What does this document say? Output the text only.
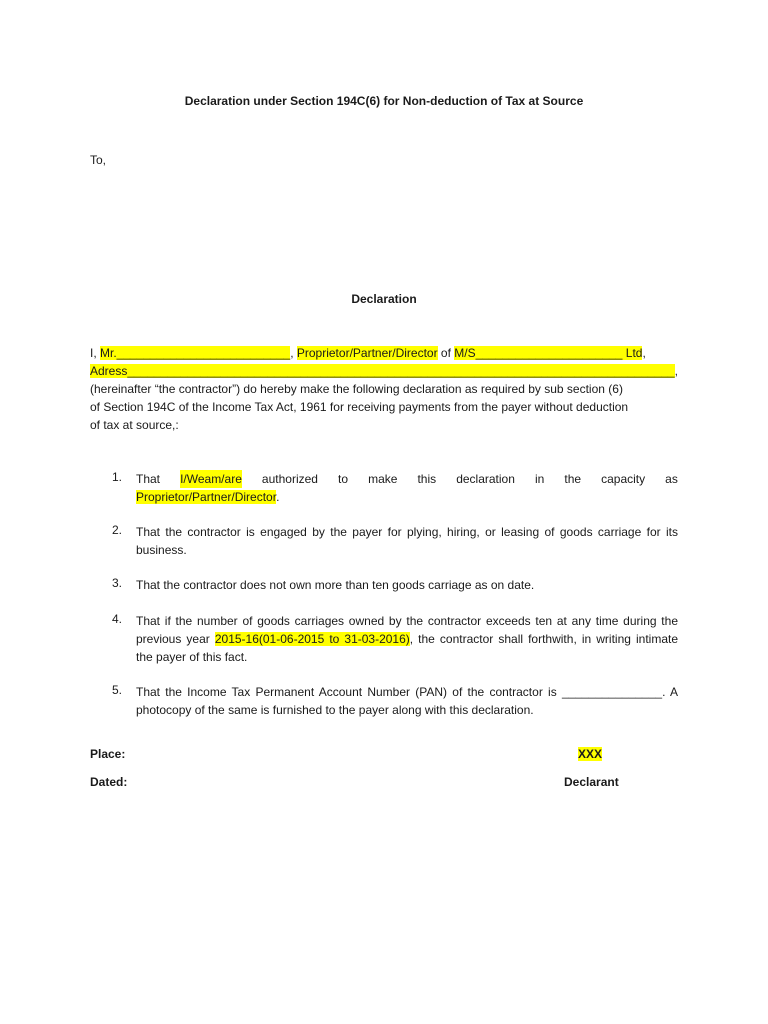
Declaration under Section 194C(6) for Non-deduction of Tax at Source
To,
Declaration
I, Mr.__________________________, Proprietor/Partner/Director of M/S______________________ Ltd,
Adress__________________________________________________________________________________,
(hereinafter “the contractor”) do hereby make the following declaration as required by sub section (6)
of Section 194C of the Income Tax Act, 1961 for receiving payments from the payer without deduction
of tax at source,:
1. That I/Weam/are authorized to make this declaration in the capacity as
Proprietor/Partner/Director.
2. That the contractor is engaged by the payer for plying, hiring, or leasing of goods carriage for its business.
3. That the contractor does not own more than ten goods carriage as on date.
4. That if the number of goods carriages owned by the contractor exceeds ten at any time during the previous year 2015-16(01-06-2015 to 31-03-2016), the contractor shall forthwith, in writing intimate the payer of this fact.
5. That the Income Tax Permanent Account Number (PAN) of the contractor is _______________. A photocopy of the same is furnished to the payer along with this declaration.
Place:
Dated:
XXX
Declarant
